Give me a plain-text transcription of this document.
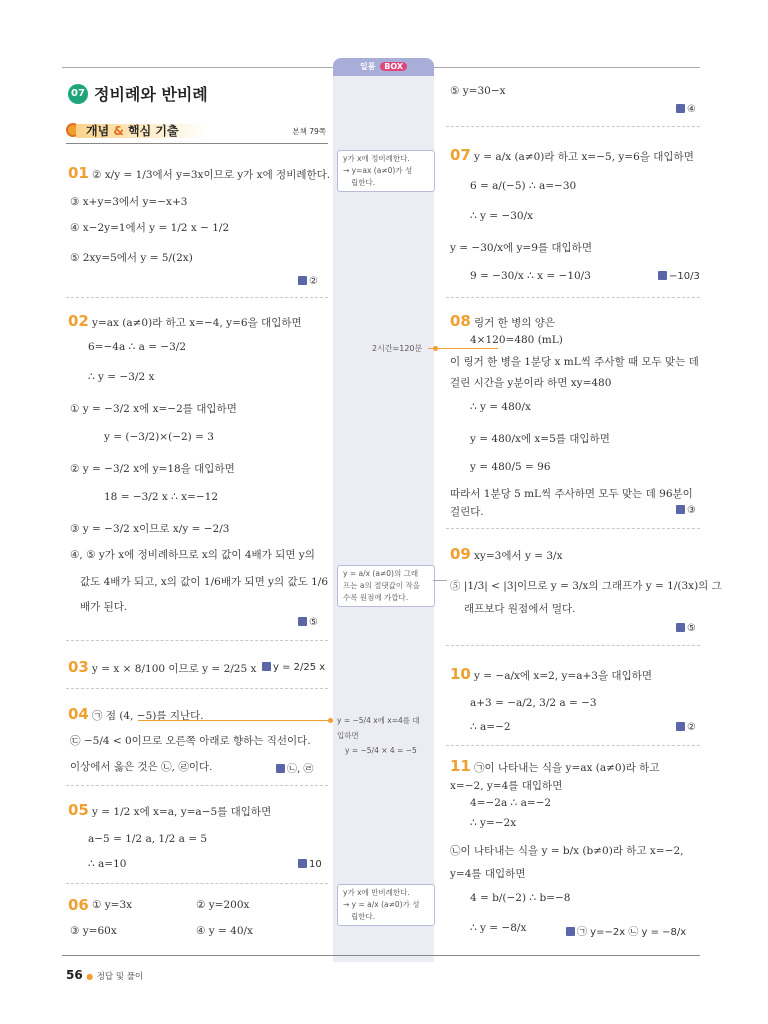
일품 BOX
07 정비례와 반비례
개념 & 핵심 기출	본책 79쪽
01 ② x/y = 1/3에서 y=3x이므로 y가 x에 정비례한다.
③ x+y=3에서 y=−x+3
④ x−2y=1에서 y = 1/2 x − 1/2
⑤ 2xy=5에서 y = 5/(2x)
②
02 y=ax (a≠0)라 하고 x=−4, y=6을 대입하면
6=−4a ∴ a = −3/2
∴ y = −3/2 x
① y = −3/2 x에 x=−2를 대입하면
y = (−3/2)×(−2) = 3
② y = −3/2 x에 y=18을 대입하면
18 = −3/2 x ∴ x=−12
③ y = −3/2 x이므로 x/y = −2/3
④, ⑤ y가 x에 정비례하므로 x의 값이 4배가 되면 y의
값도 4배가 되고, x의 값이 1/6배가 되면 y의 값도 1/6
배가 된다.
⑤
03 y = x × 8/100 이므로 y = 2/25 x	y = 2/25 x
04 ㉠ 점 (4, −5)를 지난다.
㉢ −5/4 < 0이므로 오른쪽 아래로 향하는 직선이다.
이상에서 옳은 것은 ㉡, ㉣이다.	㉡, ㉣
05 y = 1/2 x에 x=a, y=a−5를 대입하면
a−5 = 1/2 a, 1/2 a = 5
∴ a=10	10
06 ① y=3x	② y=200x
③ y=60x	④ y = 40/x
y가 x에 정비례한다.
→ y=ax (a≠0)가 성
립한다.
2시간=120분
y = a/x (a≠0)의 그래
프는 a의 절댓값이 작을
수록 원점에 가깝다.
y = −5/4 x에 x=4를 대
입하면
y = −5/4 × 4 = −5
y가 x에 반비례한다.
→ y = a/x (a≠0)가 성
립한다.
⑤ y=30−x
④
07 y = a/x (a≠0)라 하고 x=−5, y=6을 대입하면
6 = a/(−5) ∴ a=−30
∴ y = −30/x
y = −30/x에 y=9를 대입하면
9 = −30/x ∴ x = −10/3	−10/3
08 링거 한 병의 양은
4×120=480 (mL)
이 링거 한 병을 1분당 x mL씩 주사할 때 모두 맞는 데
걸린 시간을 y분이라 하면 xy=480
∴ y = 480/x
y = 480/x에 x=5를 대입하면
y = 480/5 = 96
따라서 1분당 5 mL씩 주사하면 모두 맞는 데 96분이
걸린다.	③
09 xy=3에서 y = 3/x
⑤ |1/3| < |3|이므로 y = 3/x의 그래프가 y = 1/(3x)의 그
래프보다 원점에서 멀다.
⑤
10 y = −a/x에 x=2, y=a+3을 대입하면
a+3 = −a/2, 3/2 a = −3
∴ a=−2	②
11 ㉠이 나타내는 식을 y=ax (a≠0)라 하고
x=−2, y=4를 대입하면
4=−2a ∴ a=−2
∴ y=−2x
㉡이 나타내는 식을 y = b/x (b≠0)라 하고 x=−2,
y=4를 대입하면
4 = b/(−2) ∴ b=−8
∴ y = −8/x	㉠ y=−2x ㉡ y = −8/x
56 ● 정답 및 풀이
